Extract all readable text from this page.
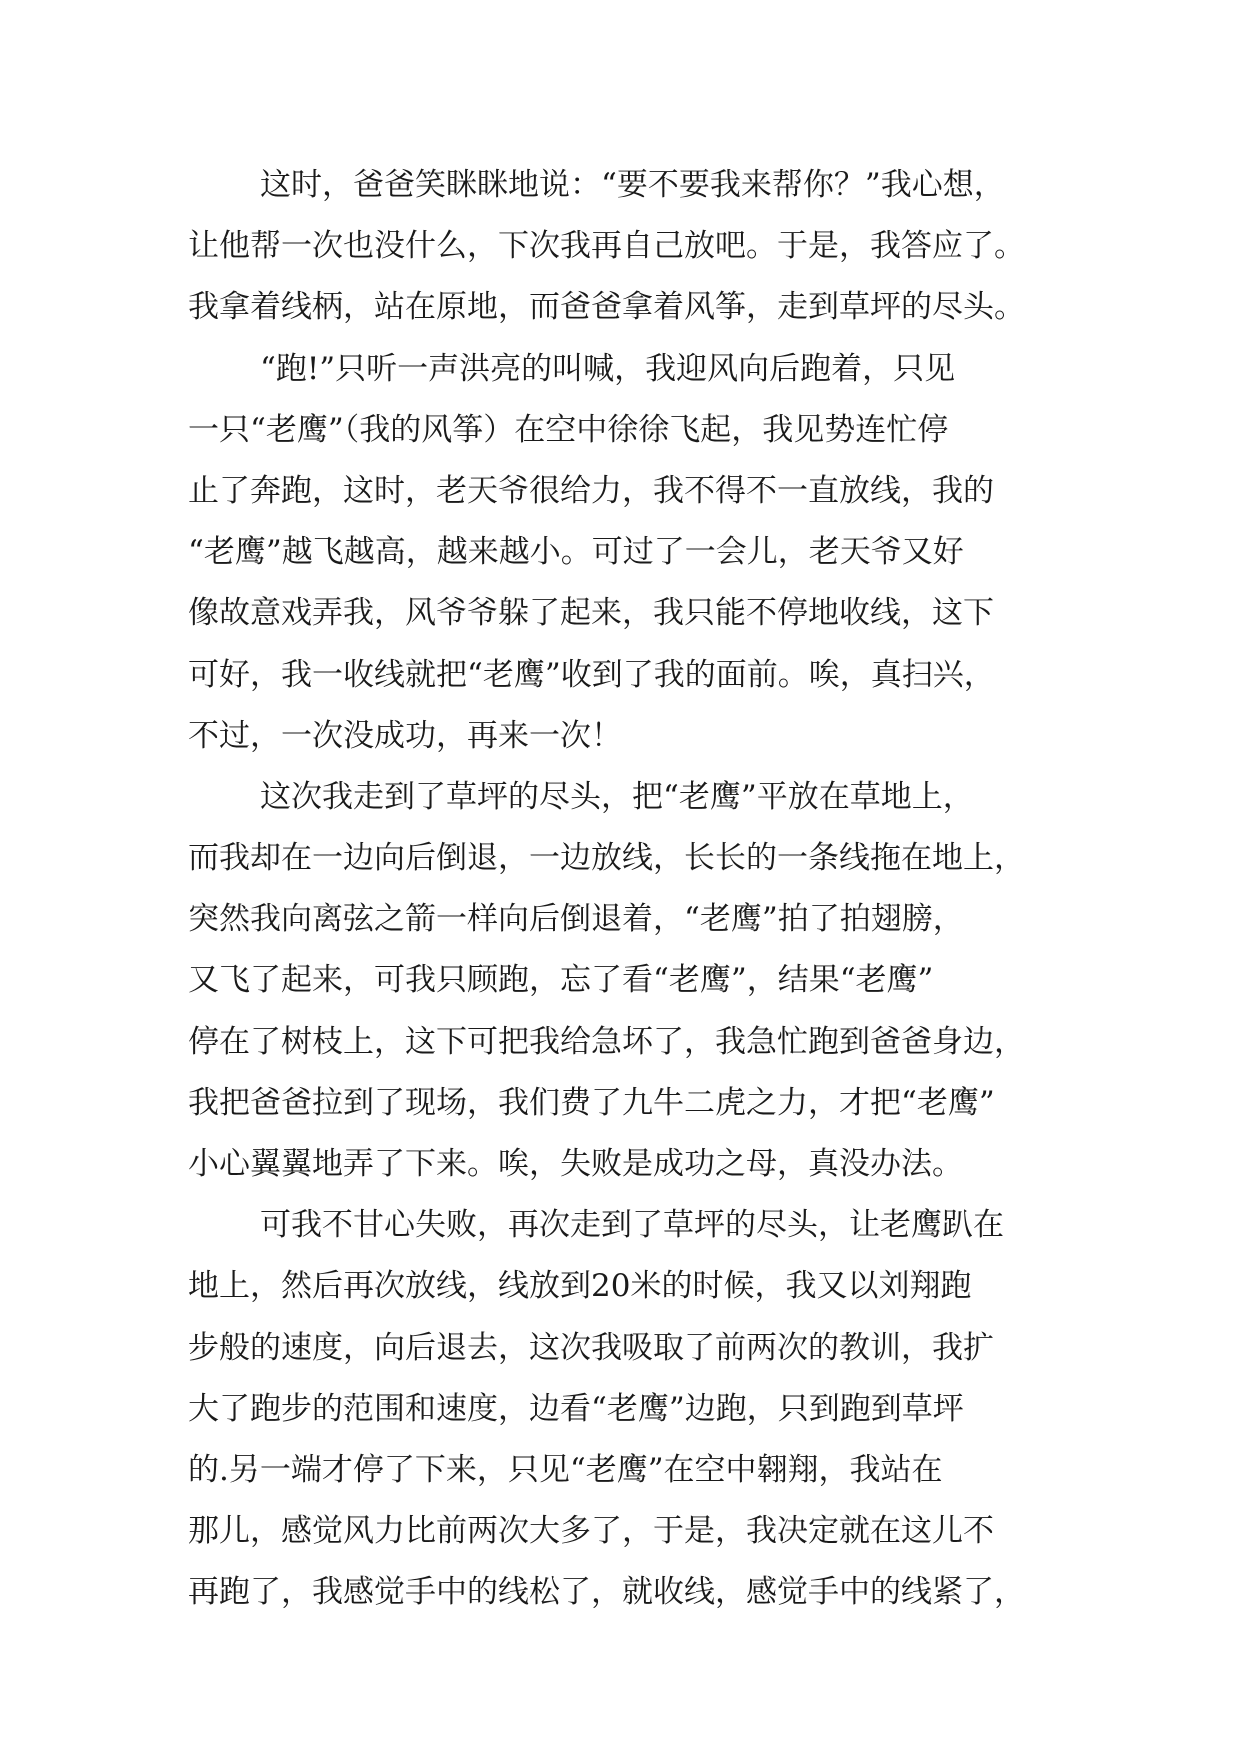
这时，爸爸笑眯眯地说：“要不要我来帮你？”我心想，
让他帮一次也没什么，下次我再自己放吧。于是，我答应了。
我拿着线柄，站在原地，而爸爸拿着风筝，走到草坪的尽头。
“跑!”只听一声洪亮的叫喊，我迎风向后跑着，只见
一只“老鹰”（我的风筝）在空中徐徐飞起，我见势连忙停
止了奔跑，这时，老天爷很给力，我不得不一直放线，我的
“老鹰”越飞越高，越来越小。可过了一会儿，老天爷又好
像故意戏弄我，风爷爷躲了起来，我只能不停地收线，这下
可好，我一收线就把“老鹰”收到了我的面前。唉，真扫兴，
不过，一次没成功，再来一次！
这次我走到了草坪的尽头，把“老鹰”平放在草地上，
而我却在一边向后倒退，一边放线，长长的一条线拖在地上，
突然我向离弦之箭一样向后倒退着，“老鹰”拍了拍翅膀，
又飞了起来，可我只顾跑，忘了看“老鹰”，结果“老鹰”
停在了树枝上，这下可把我给急坏了，我急忙跑到爸爸身边，
我把爸爸拉到了现场，我们费了九牛二虎之力，才把“老鹰”
小心翼翼地弄了下来。唉，失败是成功之母，真没办法。
可我不甘心失败，再次走到了草坪的尽头，让老鹰趴在
地上，然后再次放线，线放到20米的时候，我又以刘翔跑
步般的速度，向后退去，这次我吸取了前两次的教训，我扩
大了跑步的范围和速度，边看“老鹰”边跑，只到跑到草坪
的.另一端才停了下来，只见“老鹰”在空中翱翔，我站在
那儿，感觉风力比前两次大多了，于是，我决定就在这儿不
再跑了，我感觉手中的线松了，就收线，感觉手中的线紧了，
